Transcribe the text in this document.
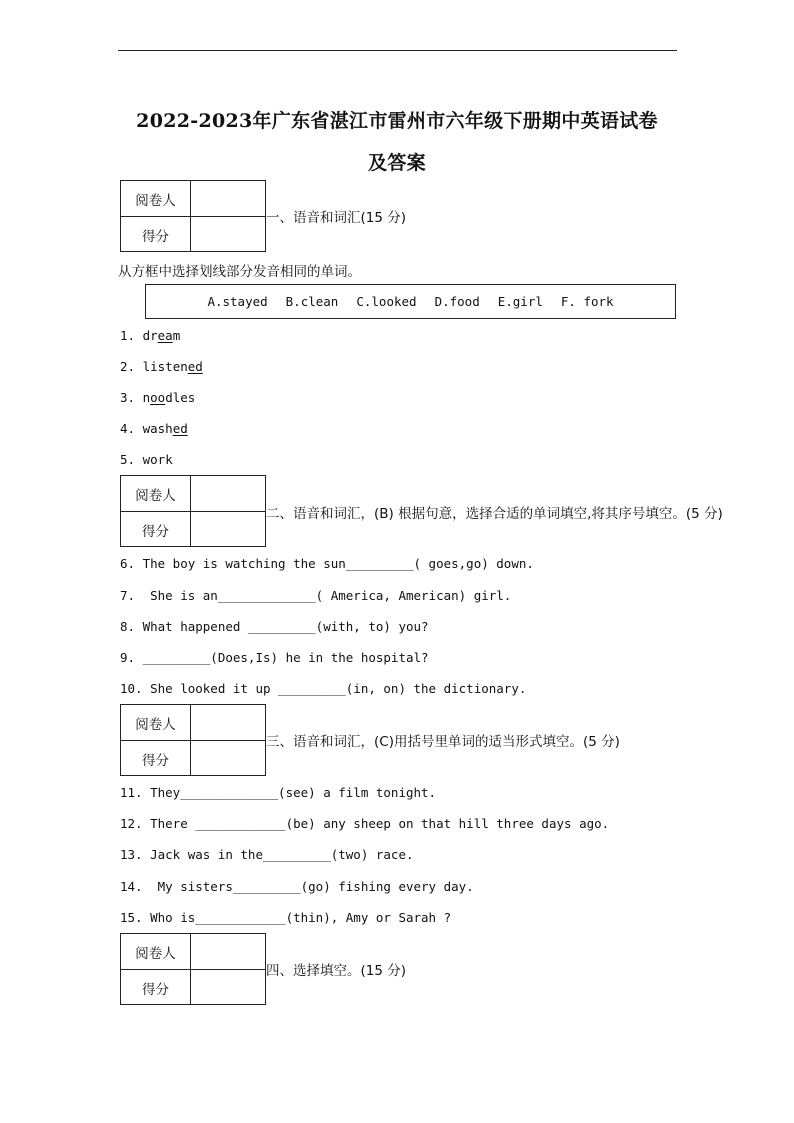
2022-2023年广东省湛江市雷州市六年级下册期中英语试卷
及答案
阅卷人
得分
一、语音和词汇(15 分)
从方框中选择划线部分发音相同的单词。
A.stayed B.clean C.looked D.food E.girl F. fork
1. dream
2. listened
3. noodles
4. washed
5. work
阅卷人
得分
二、语音和词汇，(B) 根据句意，选择合适的单词填空,将其序号填空。(5 分)
6. The boy is watching the sun_________( goes,go) down.
7.  She is an_____________( America, American) girl.
8. What happened _________(with, to) you?
9. _________(Does,Is) he in the hospital?
10. She looked it up _________(in, on) the dictionary.
阅卷人
得分
三、语音和词汇，(C)用括号里单词的适当形式填空。(5 分)
11. They_____________(see) a film tonight.
12. There ____________(be) any sheep on that hill three days ago.
13. Jack was in the_________(two) race.
14.  My sisters_________(go) fishing every day.
15. Who is____________(thin), Amy or Sarah ?
阅卷人
得分
四、选择填空。(15 分)
